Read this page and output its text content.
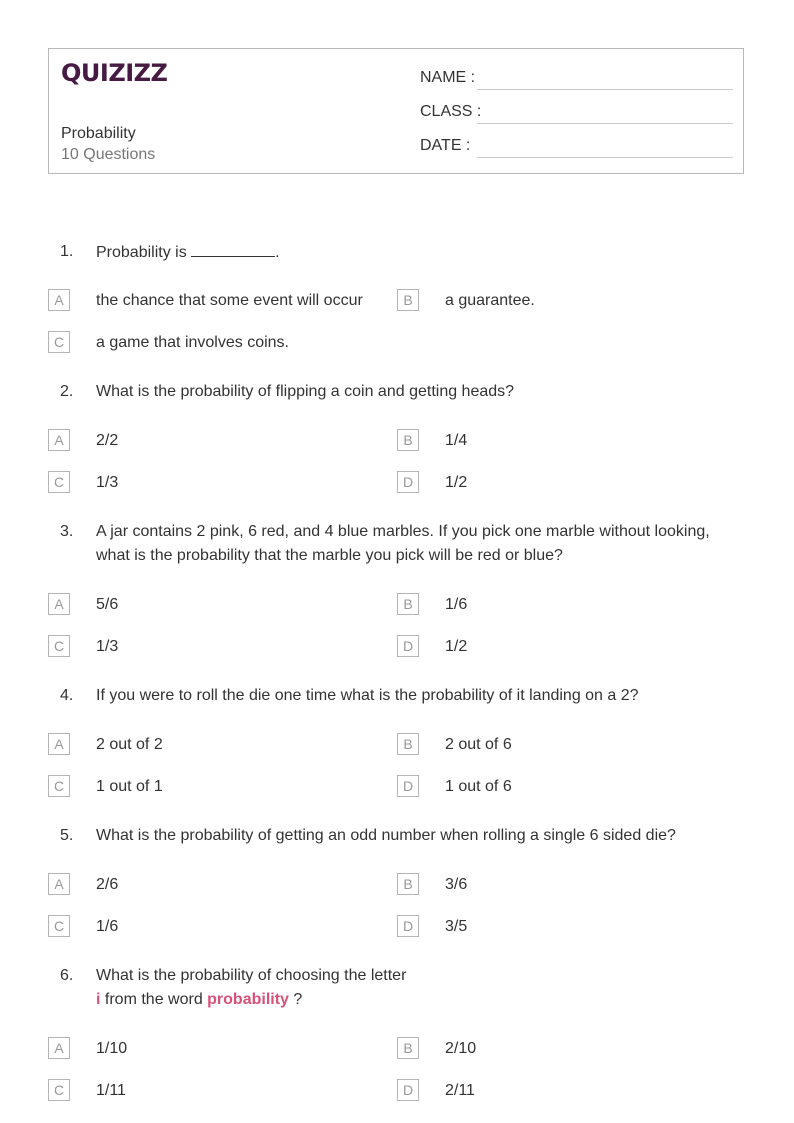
QUIZIZZ
Probability
10 Questions
NAME :
CLASS :
DATE :
1. Probability is	.
A	the chance that some event will occur	B	a guarantee.
C	a game that involves coins.
2. What is the probability of flipping a coin and getting heads?
A	2/2	B	1/4
C	1/3	D	1/2
3. A jar contains 2 pink, 6 red, and 4 blue marbles. If you pick one marble without looking, what is the probability that the marble you pick will be red or blue?
A	5/6	B	1/6
C	1/3	D	1/2
4. If you were to roll the die one time what is the probability of it landing on a 2?
A	2 out of 2	B	2 out of 6
C	1 out of 1	D	1 out of 6
5. What is the probability of getting an odd number when rolling a single 6 sided die?
A	2/6	B	3/6
C	1/6	D	3/5
6. What is the probability of choosing the letter
i from the word probability ?
A	1/10	B	2/10
C	1/11	D	2/11
